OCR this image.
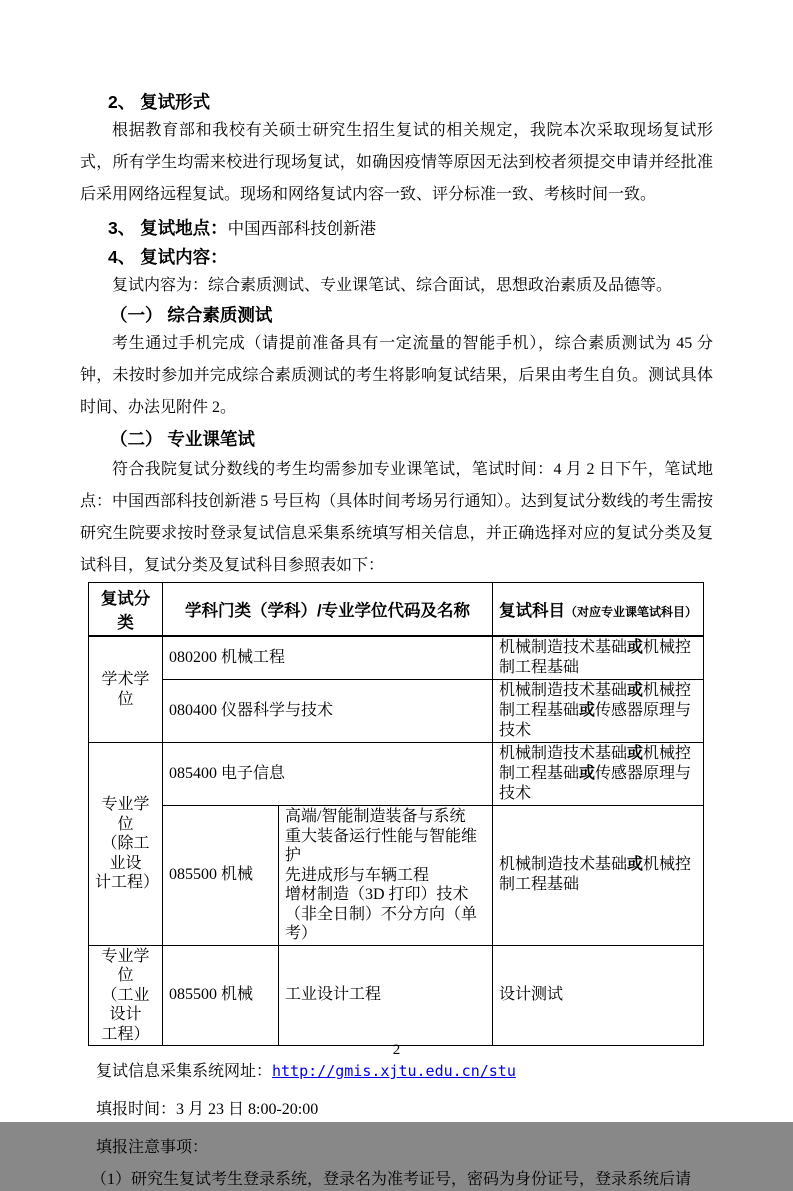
2、 复试形式

根据教育部和我校有关硕士研究生招生复试的相关规定，我院本次采取现场复试形式，所有学生均需来校进行现场复试，如确因疫情等原因无法到校者须提交申请并经批准后采用网络远程复试。现场和网络复试内容一致、评分标准一致、考核时间一致。

3、 复试地点：中国西部科技创新港
4、 复试内容：

复试内容为：综合素质测试、专业课笔试、综合面试，思想政治素质及品德等。

（一） 综合素质测试

考生通过手机完成（请提前准备具有一定流量的智能手机），综合素质测试为 45 分钟，未按时参加并完成综合素质测试的考生将影响复试结果，后果由考生自负。测试具体时间、办法见附件 2。

（二） 专业课笔试

符合我院复试分数线的考生均需参加专业课笔试，笔试时间：4 月 2 日下午，笔试地点：中国西部科技创新港 5 号巨构（具体时间考场另行通知）。达到复试分数线的考生需按研究生院要求按时登录复试信息采集系统填写相关信息，并正确选择对应的复试分类及复试科目，复试分类及复试科目参照表如下：

复试分类	学科门类（学科）/专业学位代码及名称		复试科目（对应专业课笔试科目）

学术学位	080200 机械工程		机械制造技术基础或机械控制工程基础
	080400 仪器科学与技术		机械制造技术基础或机械控制工程基础或传感器原理与技术

专业学位
（除工业设
计工程）	085400 电子信息		机械制造技术基础或机械控制工程基础或传感器原理与技术
	085500 机械	高端/智能制造装备与系统
重大装备运行性能与智能维护
先进成形与车辆工程
增材制造（3D 打印）技术
（非全日制）不分方向（单考）	机械制造技术基础或机械控制工程基础

专业学位
（工业设计
工程）	085500 机械	工业设计工程	设计测试
复试信息采集系统网址：http://gmis.xjtu.edu.cn/stu
填报时间：3 月 23 日 8:00-20:00
填报注意事项：
（1）研究生复试考生登录系统，登录名为准考证号，密码为身份证号，登录系统后请
2
